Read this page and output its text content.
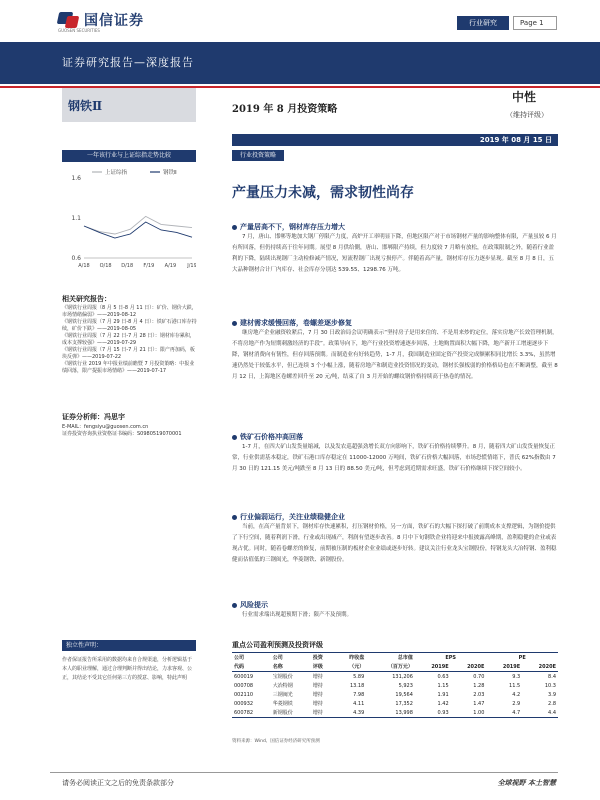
国信证券
GUOSEN SECURITIES
行业研究	Page 1
证券研究报告—深度报告
钢铁Ⅱ	2019 年 8 月投资策略
中性
（维持评级）
2019 年 08 月 15 日
一年该行业与上证综指走势比较
1.6
1.1
0.6
A/18 O/18 D/18 F/19 A/19 J/19
上证综指	钢铁Ⅱ
相关研究报告：
《钢铁行业周报（8 月 5 日-8 月 11 日）：矿价、钢价大跌，市场情绪偏弱》——2019-08-12
《钢铁行业周报（7 月 29 日-8 月 4 日）：铁矿石港口库存持续，矿价下跌》——2019-08-05
《钢铁行业周报（7 月 22 日-7 月 28 日）：钢材库存累积，成本支撑较强》——2019-07-29
《钢铁行业周报（7 月 15 日-7 月 21 日）：限产再加码，板块反弹》——2019-07-22
《钢铁行业 2019 年中报业绩前瞻暨 7 月投资策略：中报业绩回落，限产提振市场情绪》——2019-07-17
证券分析师：冯思宇
E-MAIL：fengsiyu@guosen.com.cn
证券投资咨询执业资格证书编码：S0980519070001
行业投资策略
产量压力未减，需求韧性尚存
产量居高不下，钢材库存压力增大

7 月，唐山、邯郸等地加大钢厂停限产力度，高炉开工率明显下降，但地区限产对于市场钢材产量的影响整体有限，产量虽较 6 月有所回落，但仍持续高于往年同期。展望 8 月供给側，唐山、邯郸限产持续，但力度较 7 月略有放松，在政策限制之外，随着行业盈利的下降，陆续出现钢厂主动检修减产情况，短流程钢厂出现亏损停产。伴随着高产量，钢材库存压力逐步显现。截至 8 月 8 日，五大品种钢材合计厂内库存、社会库存分别达 539.55、1298.76 万吨。

建材需求缓慢回落，卷螺差逐步修复

继房地产企业融资收紧后，7 月 30 日政治局会议明确表示“坚持房子是用来住的、不是用来炒的定位，落实房地产长效管理机制，不将房地产作为短期刺激经济的手段”。政策导向下，地产行业投资增速逐步回落，土地购置面积大幅下降，地产新开工增速逐步下降，钢材消费向有韧性，但存回落预期。而制造业有好转趋势，1-7 月，我国制造业固定资产投资完成额累积同比增长 3.3%，虽然增速仍然处于较低水平，但已连续 3 个小幅上涨，随着房地产和制造业投资情况的变动，钢材长强板弱的价格格局也在不断调整，截至 8 月 12 日，上海地区卷螺差回升至 20 元/吨，结束了自 3 月开始的螺纹钢价格持续高于热卷的情况。

铁矿石价格冲高回落

1-7 月，在四大矿山发货量缩减，以及发农巡超强劲增长双方向影响下，铁矿石价格持续攀升。8 月，随着四大矿山发货量恢复正常，行业供需基本稳定，铁矿石港口库存稳定在 11000-12000 万吨间，铁矿石价格大幅回落，市场恐慌情绪下，普氏 62%指数由 7 月 30 日的 121.15 美元/吨跌至 8 月 13 日的 88.50 美元/吨，但考虑到近期需求旺盛，铁矿石价格继续下探空间较小。

行业偏弱运行，关注业绩稳健企业

当前，在高产量背景下，钢材库存快速累积，打压钢材价格，另一方面，铁矿石的大幅下探打破了前期成本支撑逻辑，为钢价提供了下行空间，随着利润下滑，行业或出现减产，利润有望逐步改善。8 月中下旬钢铁企业将迎来中报披露高峰期，盈利稳健的企业或表现占优。同时，随着卷螺差的修复，前期被压制的板材企业业绩或逐步好转。建议关注行业龙头宝钢股份，特钢龙头大冶特钢、盈利稳健而估值低的三钢闽光，华菱钢铁、新钢股份。

风险提示

行业需求端出现超预期下滑；限产不及预期。

独立性声明：
作者保证报告所采用的数据均来自合规渠道，分析逻辑基于本人的职业理解，通过合理判断并得出结论，力求客观、公正，其结论不受其它任何第三方的授意、影响，特此声明
重点公司盈利预测及投资评级
公司	公司	投资	昨收盘	总市值	EPS		PE	
代码	名称	评级	（元）	（百万元）	2019E	2020E	2019E	2020E
600019	宝钢股份	增持	5.89	131,206	0.63	0.70	9.3	8.4
000708	大冶特钢	增持	13.18	5,923	1.15	1.28	11.5	10.3
002110	三钢闽光	增持	7.98	19,564	1.91	2.03	4.2	3.9
000932	华菱钢铁	增持	4.11	17,352	1.42	1.47	2.9	2.8
600782	新钢股份	增持	4.39	13,998	0.93	1.00	4.7	4.4
资料来源：Wind、国信证券经济研究所预测
请务必阅读正文之后的免责条款部分	全球视野 本土智慧
